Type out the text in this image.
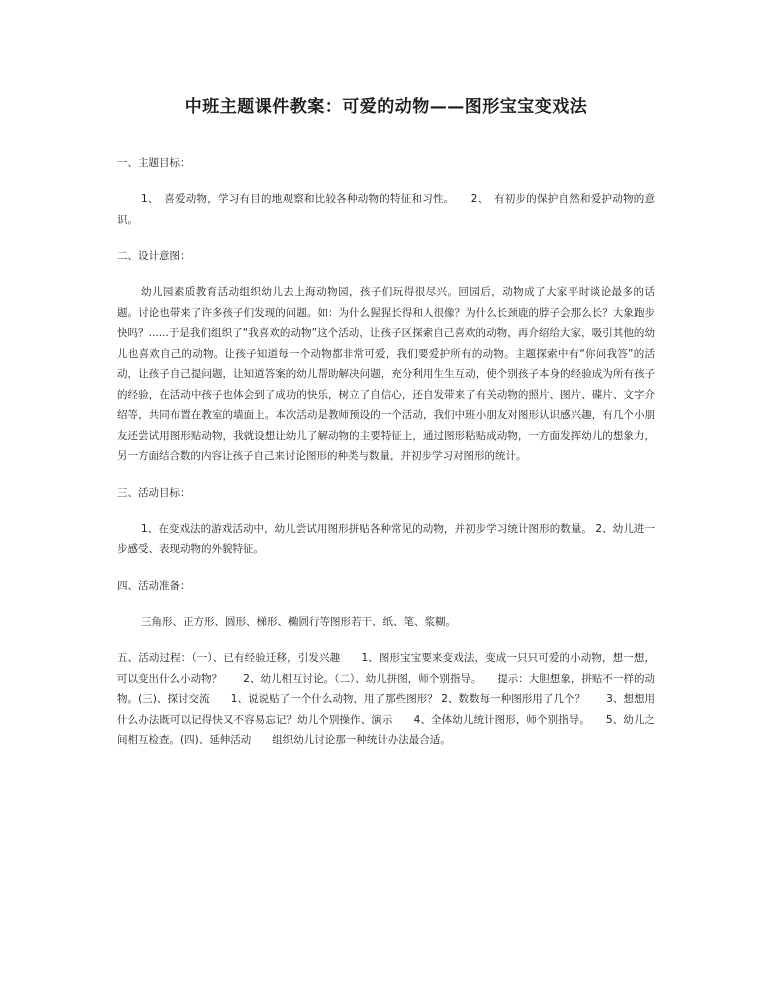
中班主题课件教案：可爱的动物——图形宝宝变戏法
一、主题目标：
1、　喜爱动物，学习有目的地观察和比较各种动物的特征和习性。　　2、　有初步的保护自然和爱护动物的意识。
二、设计意图：
幼儿园素质教育活动组织幼儿去上海动物园，孩子们玩得很尽兴。回园后，动物成了大家平时谈论最多的话题。讨论也带来了许多孩子们发现的问题。如：为什么猩猩长得和人很像？为什么长颈鹿的脖子会那么长？大象跑步快吗？......于是我们组织了“我喜欢的动物”这个活动，让孩子区探索自己喜欢的动物，再介绍给大家，吸引其他的幼儿也喜欢自己的动物。让孩子知道每一个动物都非常可爱，我们要爱护所有的动物。主题探索中有“你问我答”的活动，让孩子自己提问题，让知道答案的幼儿帮助解决问题，充分利用生生互动，使个别孩子本身的经验成为所有孩子的经验，在活动中孩子也体会到了成功的快乐，树立了自信心，还自发带来了有关动物的照片、图片、碟片、文字介绍等，共同布置在教室的墙面上。本次活动是教师预设的一个活动，我们中班小朋友对图形认识感兴趣，有几个小朋友还尝试用图形贴动物，我就设想让幼儿了解动物的主要特征上，通过图形粘贴成动物，一方面发挥幼儿的想象力，另一方面结合数的内容让孩子自己来讨论图形的种类与数量，并初步学习对图形的统计。
三、活动目标：
1、在变戏法的游戏活动中，幼儿尝试用图形拼贴各种常见的动物，并初步学习统计图形的数量。 2、幼儿进一步感受、表现动物的外貌特征。
四、活动准备：
三角形、正方形、圆形、梯形、椭圆行等图形若干、纸、笔、浆糊。
五、活动过程：（一）、已有经验迁移，引发兴趣　　1、图形宝宝要来变戏法，变成一只只可爱的小动物，想一想，可以变出什么小动物？　　2、幼儿相互讨论。（二）、幼儿拼图，师个别指导。　　提示：大胆想象，拼贴不一样的动物。(三)、探讨交流　　1、说说贴了一个什么动物，用了那些图形？ 2、数数每一种图形用了几个？　　3、想想用什么办法既可以记得快又不容易忘记？幼儿个别操作、演示　　4、全体幼儿统计图形，师个别指导。　　5、幼儿之间相互检查。(四)、延伸活动　　组织幼儿讨论那一种统计办法最合适。
